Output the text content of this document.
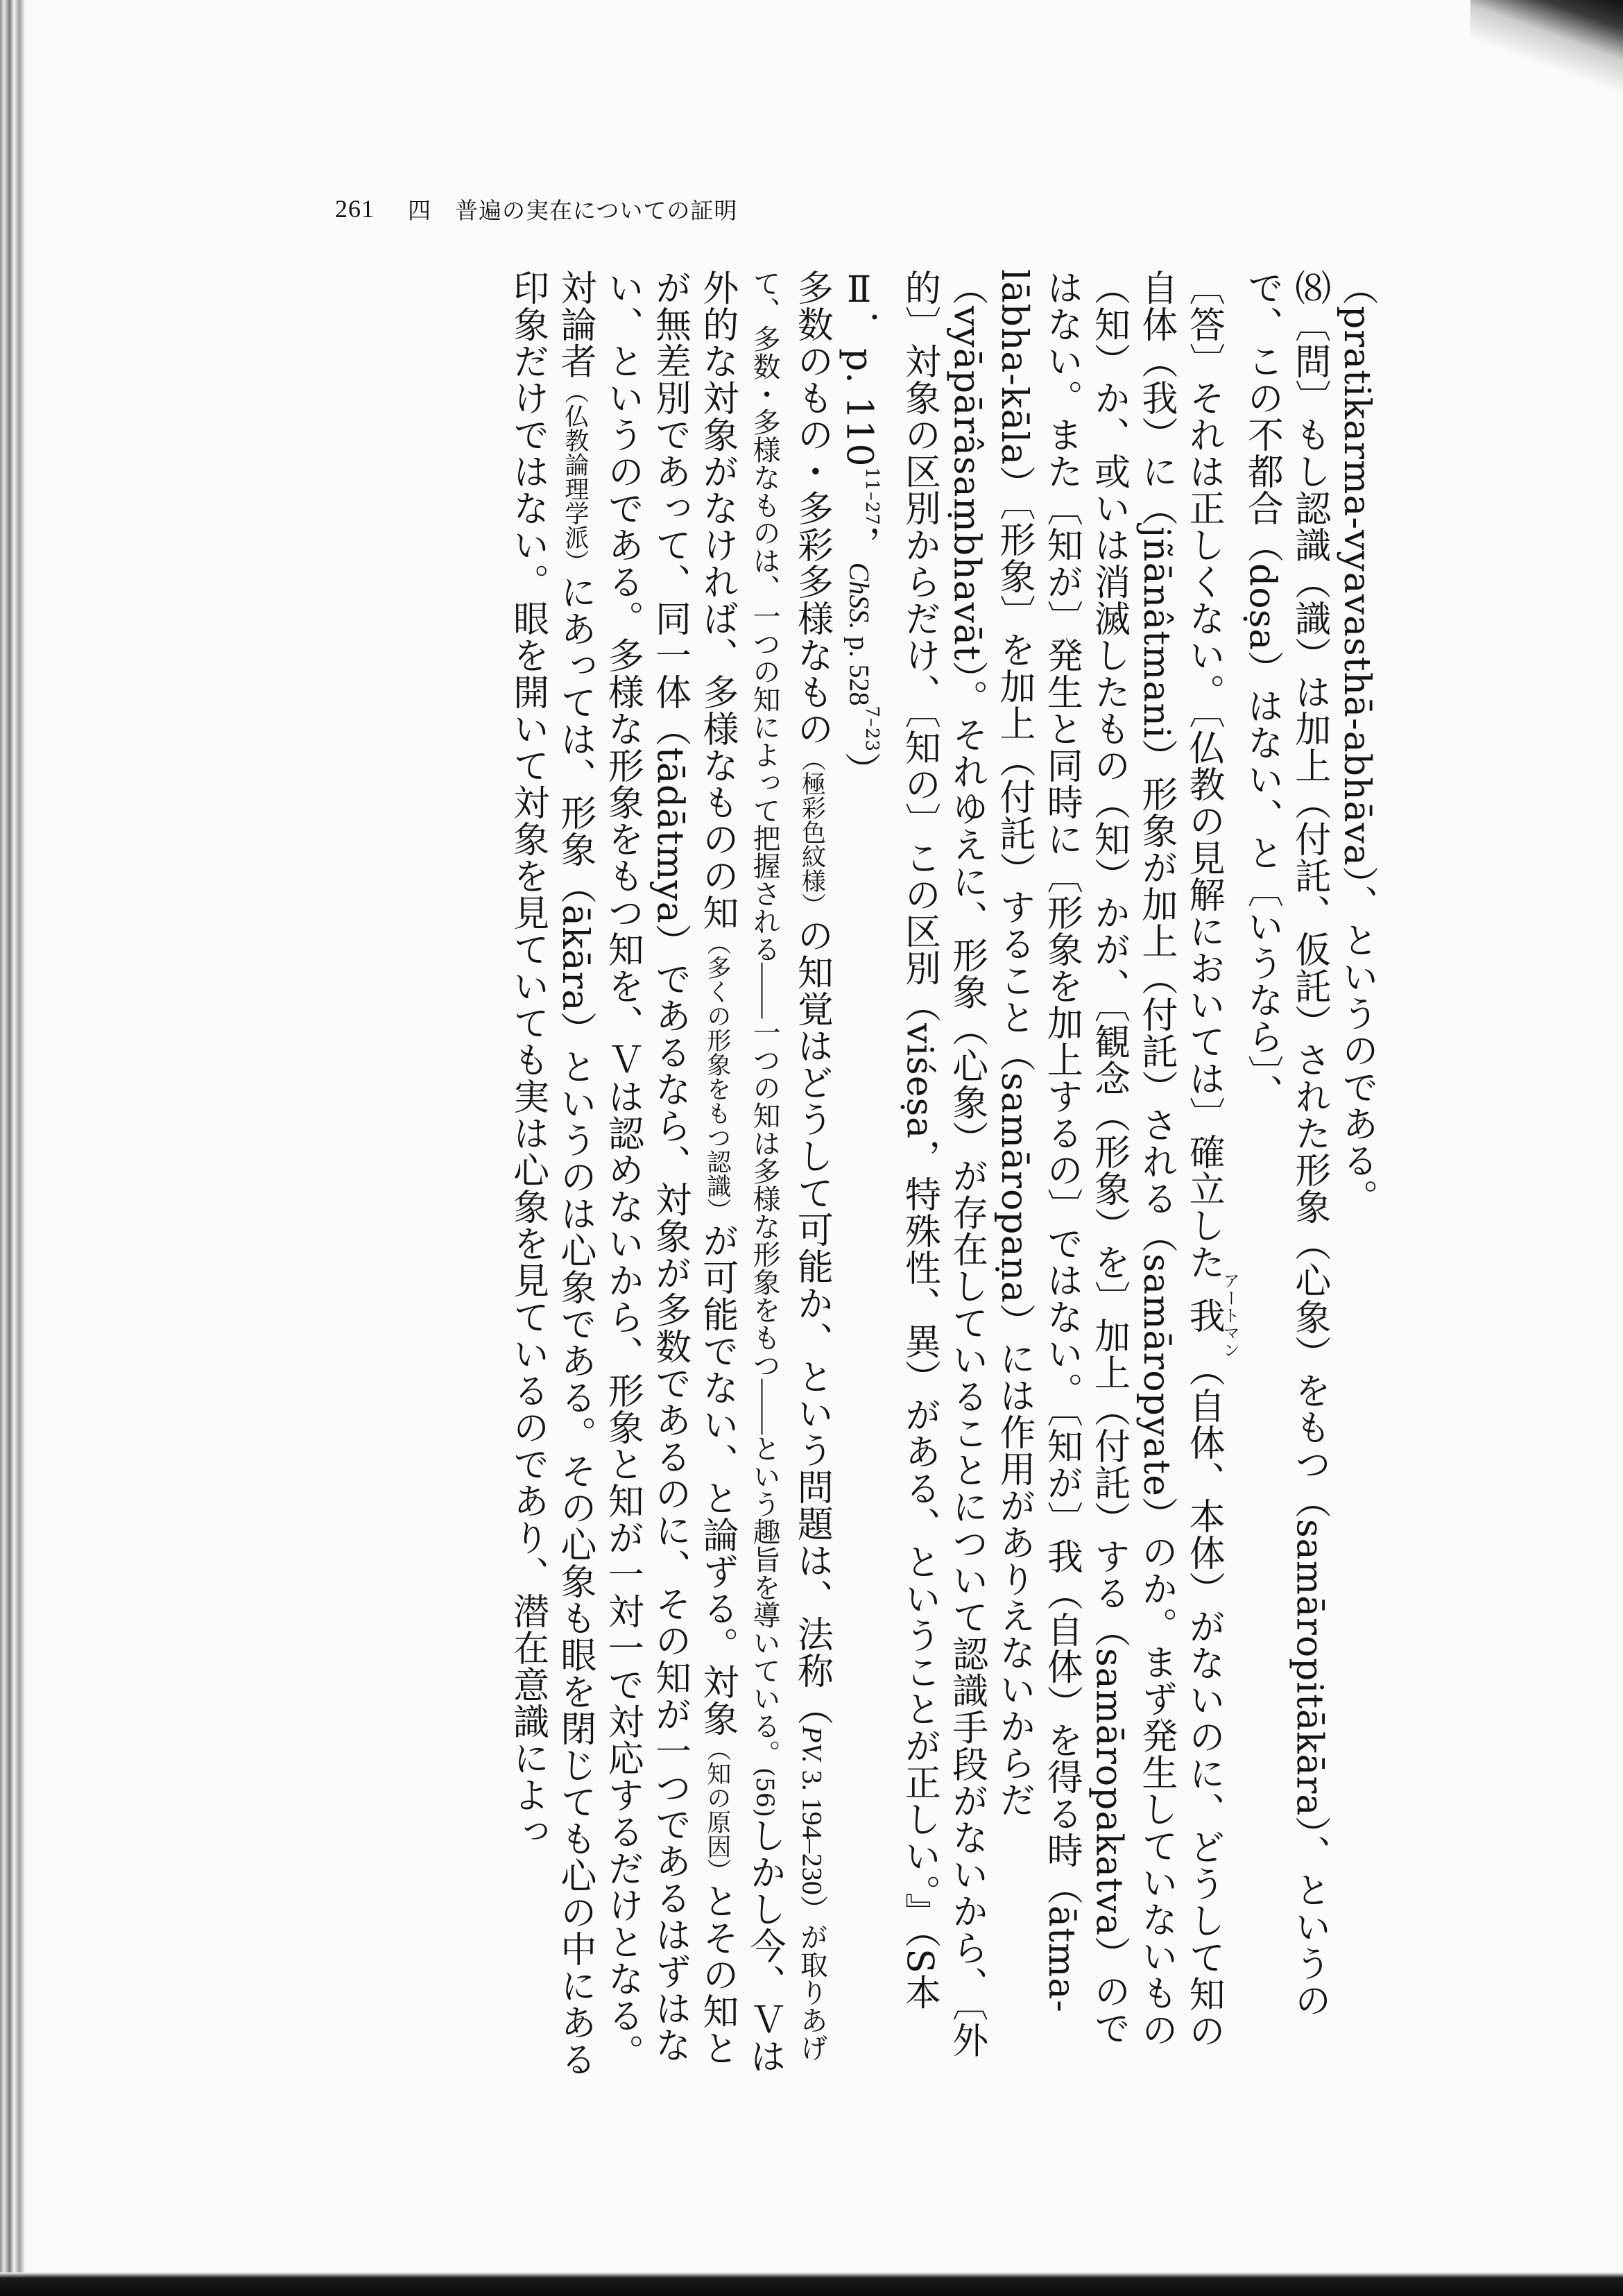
261 四　普遍の実在についての証明

（pratikarma-vyavasthā-abhāva）、というのである。

⑻〔問〕もし認識（識）は加上（付託、仮託）された形象（心象）をもつ（samāropitākāra）、というので、この不都合（doṣa）はない、と〔いうなら〕、

〔答〕それは正しくない。〔仏教の見解においては〕確立した我アートマン（自体、本体）がないのに、どうして知の自体（我）に（jñānâtmani）形象が加上（付託）される（samāropyate）のか。まず発生していないもの（知）か、或いは消滅したもの（知）かが、〔観念（形象）を〕加上（付託）する（samāropakatva）のではない。また〔知が〕発生と同時に〔形象を加上するの〕ではない。〔知が〕我（自体）を得る時（ātma-lābha-kāla）〔形象〕を加上（付託）すること（samāropaṇa）には作用がありえないからだ（vyāpārâsaṃbhavāt）。それゆえに、形象（心象）が存在していることについて認識手段がないから、〔外的〕対象の区別からだけ、〔知の〕この区別（viśeṣa，特殊性、異）がある、ということが正しい。』（S本Ⅱ．p. 110$^{11-27}$，ChSS. p. 528$^{7-23}$）

多数のもの・多彩多様なもの（極彩色紋様）の知覚はどうして可能か、という問題は、法称（PV. 3. 194–230）が取りあげて、多数・多様なものは、一つの知によって把握される――一つの知は多様な形象をもつ――という趣旨を導いている。(56)しかし今、Ｖは外的な対象がなければ、多様なものの知（多くの形象をもつ認識）が可能でない、と論ずる。対象（知の原因）とその知とが無差別であって、同一体（tādātmya）であるなら、対象が多数であるのに、その知が一つであるはずはない、というのである。多様な形象をもつ知を、Ｖは認めないから、形象と知が一対一で対応するだけとなる。対論者（仏教論理学派）にあっては、形象（ākāra）というのは心象である。その心象も眼を閉じても心の中にある印象だけではない。眼を開いて対象を見ていても実は心象を見ているのであり、潜在意識によっ
